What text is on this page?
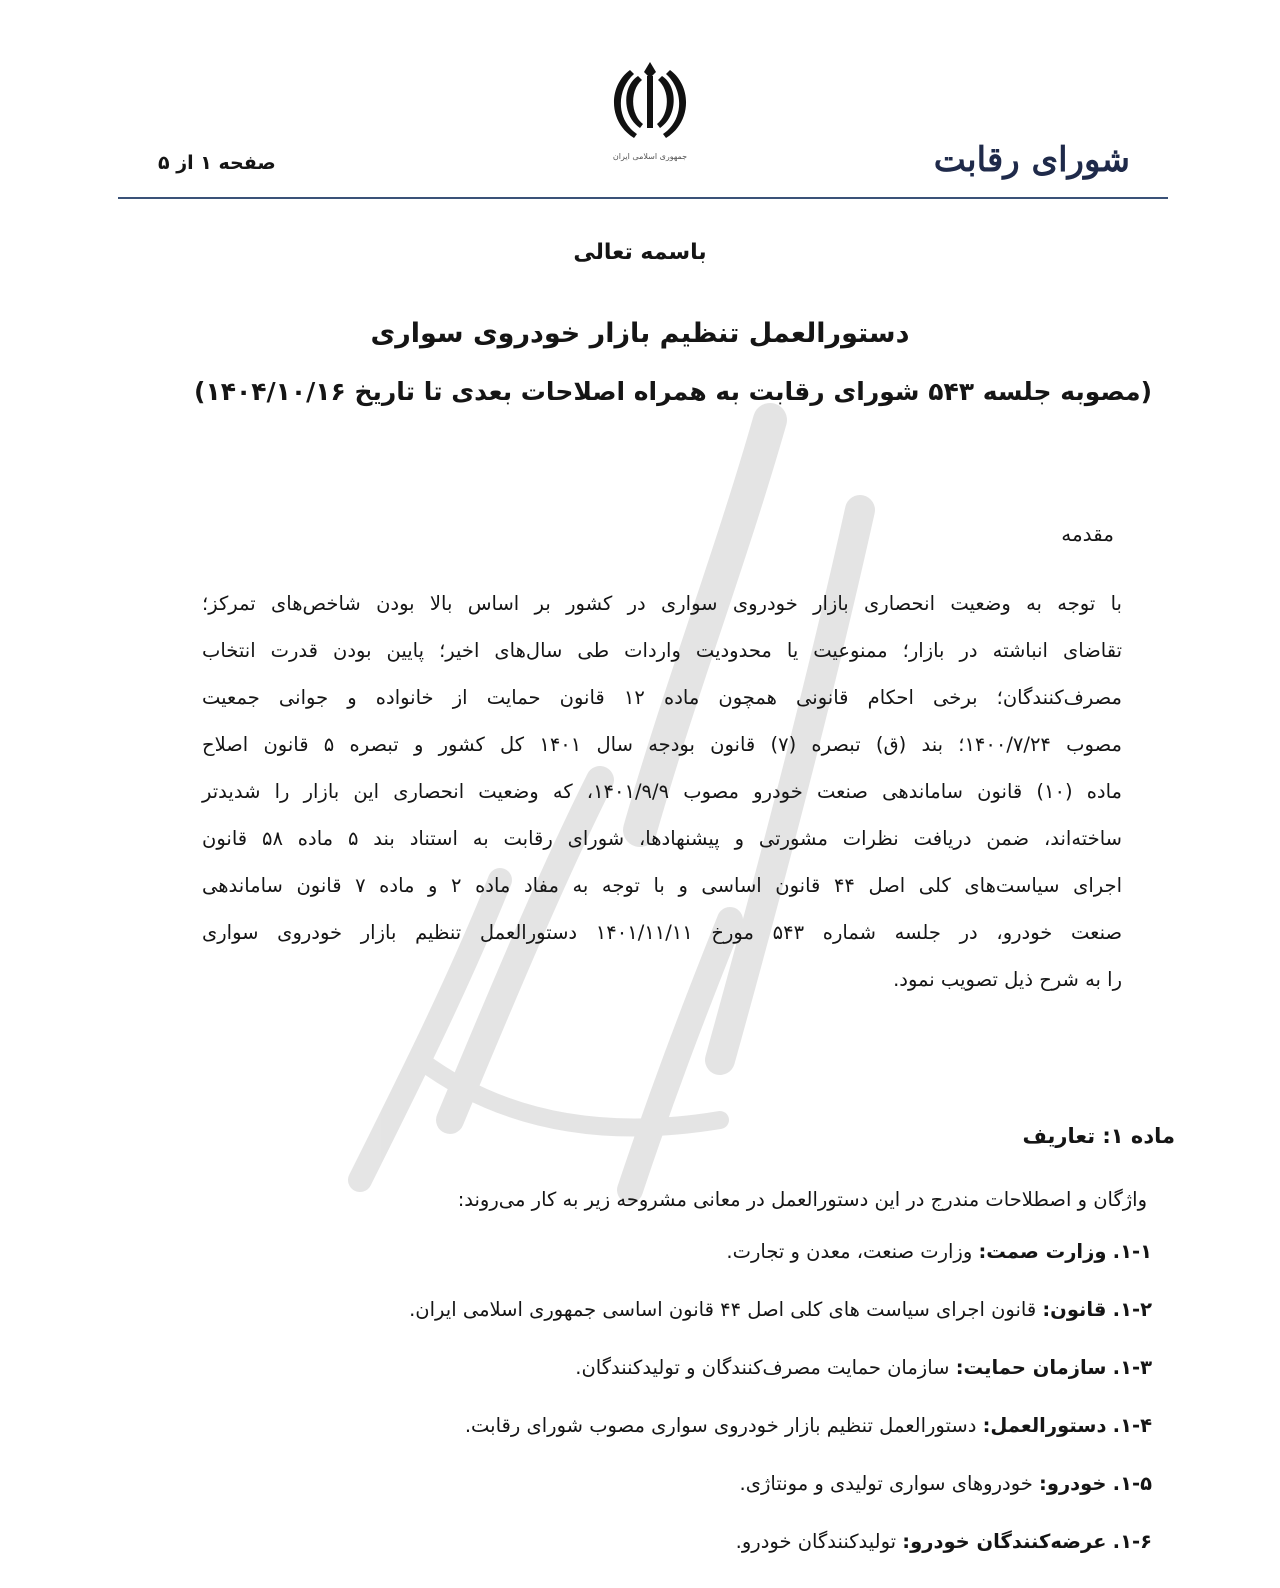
جمهوری اسلامی ایران	شورای رقابت
صفحه ۱ از ۵
باسمه تعالی
دستورالعمل تنظیم بازار خودروی سواری
(مصوبه جلسه ۵۴۳ شورای رقابت به همراه اصلاحات بعدی تا تاریخ ۱۴۰۴/۱۰/۱۶)
مقدمه
با توجه به وضعیت انحصاری بازار خودروی سواری در کشور بر اساس بالا بودن شاخص‌های تمرکز؛
تقاضای انباشته در بازار؛ ممنوعیت یا محدودیت واردات طی سال‌های اخیر؛ پایین بودن قدرت انتخاب
مصرف‌کنندگان؛ برخی احکام قانونی همچون ماده ۱۲ قانون حمایت از خانواده و جوانی جمعیت
مصوب ۱۴۰۰/۷/۲۴؛ بند (ق) تبصره (۷) قانون بودجه سال ۱۴۰۱ کل کشور و تبصره ۵ قانون اصلاح
ماده (۱۰) قانون ساماندهی صنعت خودرو مصوب ۱۴۰۱/۹/۹، که وضعیت انحصاری این بازار را شدیدتر
ساخته‌اند، ضمن دریافت نظرات مشورتی و پیشنهادها، شورای رقابت به استناد بند ۵ ماده ۵۸ قانون
اجرای سیاست‌های کلی اصل ۴۴ قانون اساسی و با توجه به مفاد ماده ۲ و ماده ۷ قانون ساماندهی
صنعت خودرو، در جلسه شماره ۵۴۳ مورخ ۱۴۰۱/۱۱/۱۱ دستورالعمل تنظیم بازار خودروی سواری
را به شرح ذیل تصویب نمود.
ماده ۱: تعاریف
واژگان و اصطلاحات مندرج در این دستورالعمل در معانی مشروحه زیر به کار می‌روند:
۱-۱. وزارت صمت: وزارت صنعت، معدن و تجارت.
۱-۲. قانون: قانون اجرای سیاست های کلی اصل ۴۴ قانون اساسی جمهوری اسلامی ایران.
۱-۳. سازمان حمایت: سازمان حمایت مصرف‌کنندگان و تولیدکنندگان.
۱-۴. دستورالعمل: دستورالعمل تنظیم بازار خودروی سواری مصوب شورای رقابت.
۱-۵. خودرو: خودروهای سواری تولیدی و مونتاژی.
۱-۶. عرضه‌کنندگان خودرو: تولیدکنندگان خودرو.
